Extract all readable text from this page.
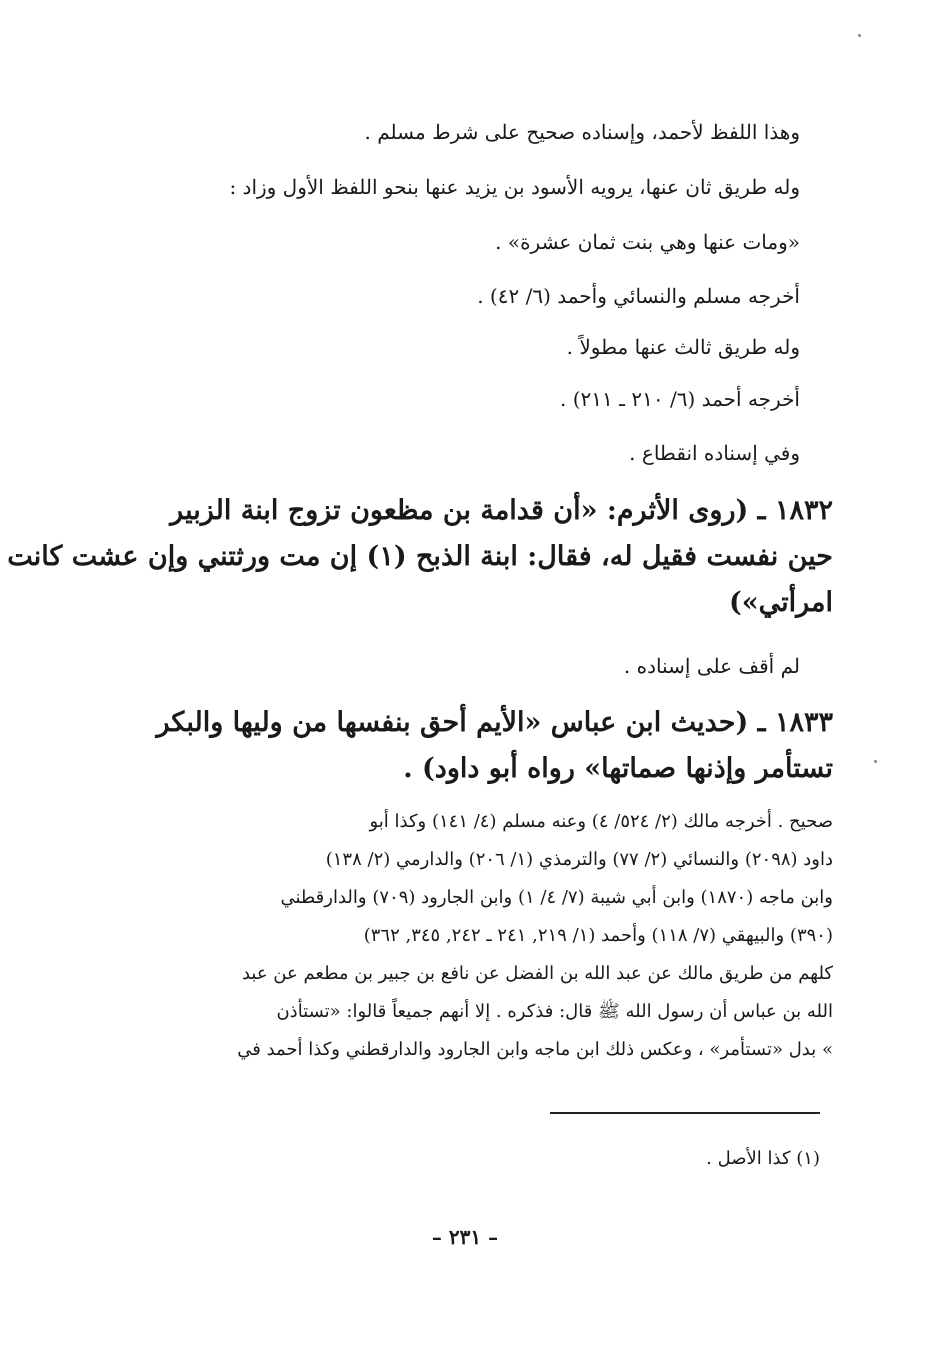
وهذا اللفظ لأحمد، وإسناده صحيح على شرط مسلم .
وله طريق ثان عنها، يرويه الأسود بن يزيد عنها بنحو اللفظ الأول وزاد :
«ومات عنها وهي بنت ثمان عشرة» .
أخرجه مسلم والنسائي وأحمد (٦/ ٤٢) .
وله طريق ثالث عنها مطولاً .
أخرجه أحمد (٦/ ٢١٠ ـ ٢١١) .
وفي إسناده انقطاع .
١٨٣٢ ـ (روى الأثرم: «أن قدامة بن مظعون تزوج ابنة الزبير
حين نفست فقيل له، فقال: ابنة الذبح (١) إن مت ورثتني وإن عشت كانت
امرأتي»)
لم أقف على إسناده .
١٨٣٣ ـ (حديث ابن عباس «الأيم أحق بنفسها من وليها والبكر
تستأمر وإذنها صماتها» رواه أبو داود) .
صحيح . أخرجه مالك (٢/ ٥٢٤/ ٤) وعنه مسلم (٤/ ١٤١) وكذا أبو
داود (٢٠٩٨) والنسائي (٢/ ٧٧) والترمذي (١/ ٢٠٦) والدارمي (٢/ ١٣٨)
وابن ماجه (١٨٧٠) وابن أبي شيبة (٧/ ٤/ ١) وابن الجارود (٧٠٩) والدارقطني
(٣٩٠) والبيهقي (٧/ ١١٨) وأحمد (١/ ٢١٩, ٢٤١ ـ ٢٤٢, ٣٤٥, ٣٦٢)
كلهم من طريق مالك عن عبد الله بن الفضل عن نافع بن جبير بن مطعم عن عبد
الله بن عباس أن رسول الله ﷺ قال: فذكره . إلا أنهم جميعاً قالوا: «تستأذن
» بدل «تستأمر» ، وعكس ذلك ابن ماجه وابن الجارود والدارقطني وكذا أحمد في
(١) كذا الأصل .
– ٢٣١ –
